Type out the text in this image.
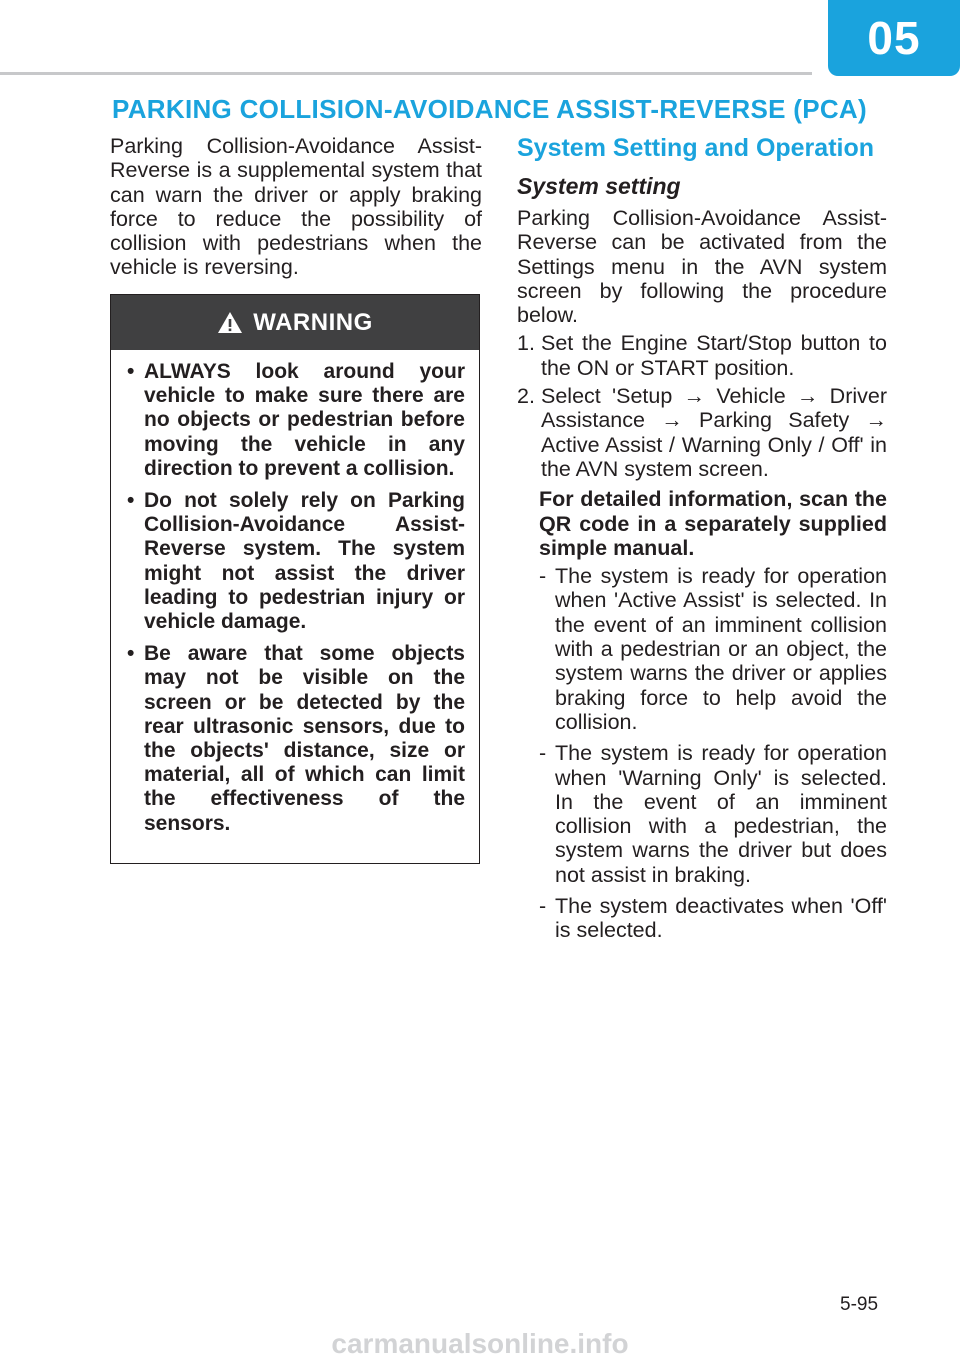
05
PARKING COLLISION-AVOIDANCE ASSIST-REVERSE (PCA)

Parking Collision-Avoidance Assist-Reverse is a supplemental system that can warn the driver or apply braking force to reduce the possibility of collision with pedestrians when the vehicle is reversing.

WARNING
• ALWAYS look around your vehicle to make sure there are no objects or pedestrian before moving the vehicle in any direction to prevent a collision.
• Do not solely rely on Parking Collision-Avoidance Assist-Reverse system. The system might not assist the driver leading to pedestrian injury or vehicle damage.
• Be aware that some objects may not be visible on the screen or be detected by the rear ultrasonic sensors, due to the objects' distance, size or material, all of which can limit the effectiveness of the sensors.
System Setting and Operation
System setting

Parking Collision-Avoidance Assist-Reverse can be activated from the Settings menu in the AVN system screen by following the procedure below.

1. Set the Engine Start/Stop button to the ON or START position.
2. Select 'Setup → Vehicle → Driver Assistance → Parking Safety → Active Assist / Warning Only / Off' in the AVN system screen.

For detailed information, scan the QR code in a separately supplied simple manual.

- The system is ready for operation when 'Active Assist' is selected. In the event of an imminent collision with a pedestrian or an object, the system warns the driver or applies braking force to help avoid the collision.
- The system is ready for operation when 'Warning Only' is selected. In the event of an imminent collision with a pedestrian, the system warns the driver but does not assist in braking.
- The system deactivates when 'Off' is selected.
5-95
carmanualsonline.info
